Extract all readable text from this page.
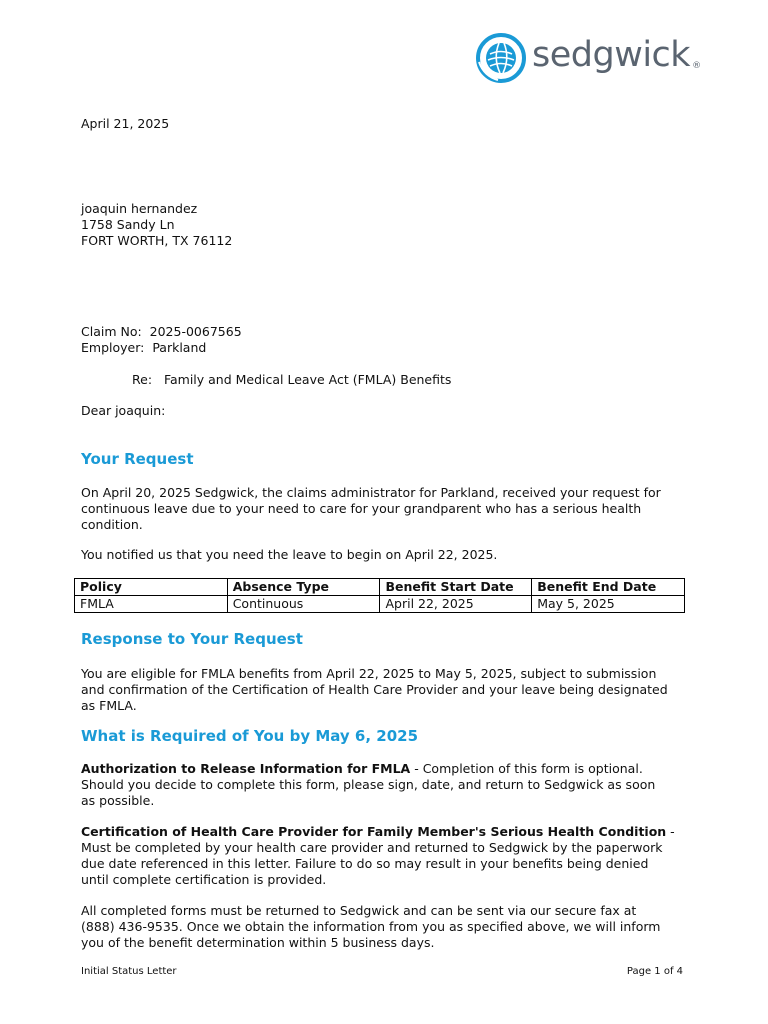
sedgwick ®
April 21, 2025
joaquin hernandez
1758 Sandy Ln
FORT WORTH, TX 76112
Claim No: 2025-0067565
Employer: Parkland
Re: Family and Medical Leave Act (FMLA) Benefits
Dear joaquin:
Your Request
On April 20, 2025 Sedgwick, the claims administrator for Parkland, received your request for
continuous leave due to your need to care for your grandparent who has a serious health
condition.
You notified us that you need the leave to begin on April 22, 2025.
Policy	Absence Type	Benefit Start Date	Benefit End Date
FMLA	Continuous	April 22, 2025	May 5, 2025
Response to Your Request
You are eligible for FMLA benefits from April 22, 2025 to May 5, 2025, subject to submission
and confirmation of the Certification of Health Care Provider and your leave being designated
as FMLA.
What is Required of You by May 6, 2025
Authorization to Release Information for FMLA - Completion of this form is optional.
Should you decide to complete this form, please sign, date, and return to Sedgwick as soon
as possible.
Certification of Health Care Provider for Family Member's Serious Health Condition -
Must be completed by your health care provider and returned to Sedgwick by the paperwork
due date referenced in this letter. Failure to do so may result in your benefits being denied
until complete certification is provided.
All completed forms must be returned to Sedgwick and can be sent via our secure fax at
(888) 436-9535. Once we obtain the information from you as specified above, we will inform
you of the benefit determination within 5 business days.
Initial Status Letter	Page 1 of 4
